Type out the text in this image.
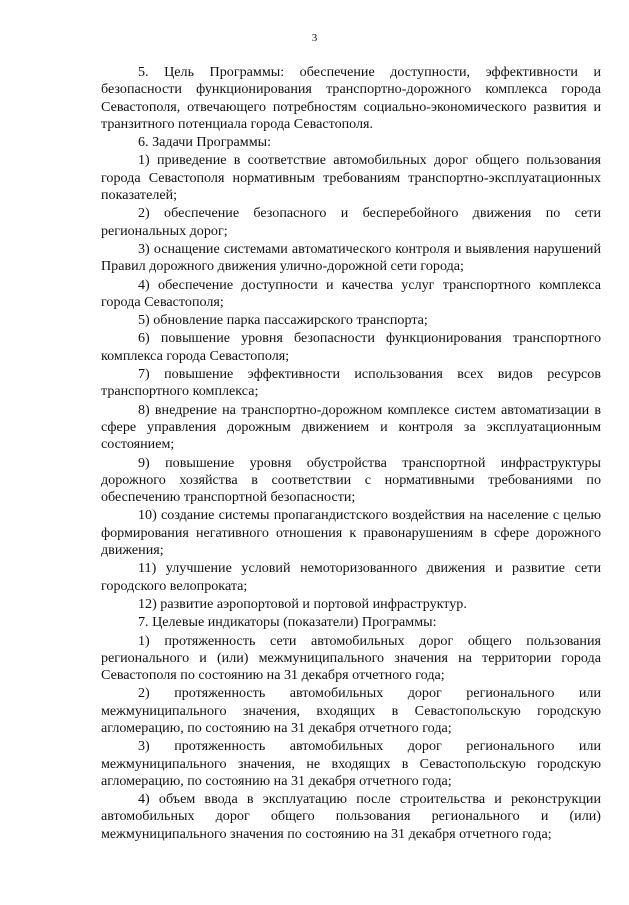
3

5. Цель Программы: обеспечение доступности, эффективности и безопасности функционирования транспортно-дорожного комплекса города Севастополя, отвечающего потребностям социально-экономического развития и транзитного потенциала города Севастополя.

6. Задачи Программы:

1) приведение в соответствие автомобильных дорог общего пользования города Севастополя нормативным требованиям транспортно-эксплуатационных показателей;

2) обеспечение безопасного и бесперебойного движения по сети региональных дорог;

3) оснащение системами автоматического контроля и выявления нарушений Правил дорожного движения улично-дорожной сети города;

4) обеспечение доступности и качества услуг транспортного комплекса города Севастополя;

5) обновление парка пассажирского транспорта;

6) повышение уровня безопасности функционирования транспортного комплекса города Севастополя;

7) повышение эффективности использования всех видов ресурсов транспортного комплекса;

8) внедрение на транспортно-дорожном комплексе систем автоматизации в сфере управления дорожным движением и контроля за эксплуатационным состоянием;

9) повышение уровня обустройства транспортной инфраструктуры дорожного хозяйства в соответствии с нормативными требованиями по обеспечению транспортной безопасности;

10) создание системы пропагандистского воздействия на население с целью формирования негативного отношения к правонарушениям в сфере дорожного движения;

11) улучшение условий немоторизованного движения и развитие сети городского велопроката;

12) развитие аэропортовой и портовой инфраструктур.

7. Целевые индикаторы (показатели) Программы:

1) протяженность сети автомобильных дорог общего пользования регионального и (или) межмуниципального значения на территории города Севастополя по состоянию на 31 декабря отчетного года;

2) протяженность автомобильных дорог регионального или межмуниципального значения, входящих в Севастопольскую городскую агломерацию, по состоянию на 31 декабря отчетного года;

3) протяженность автомобильных дорог регионального или межмуниципального значения, не входящих в Севастопольскую городскую агломерацию, по состоянию на 31 декабря отчетного года;

4) объем ввода в эксплуатацию после строительства и реконструкции автомобильных дорог общего пользования регионального и (или) межмуниципального значения по состоянию на 31 декабря отчетного года;
